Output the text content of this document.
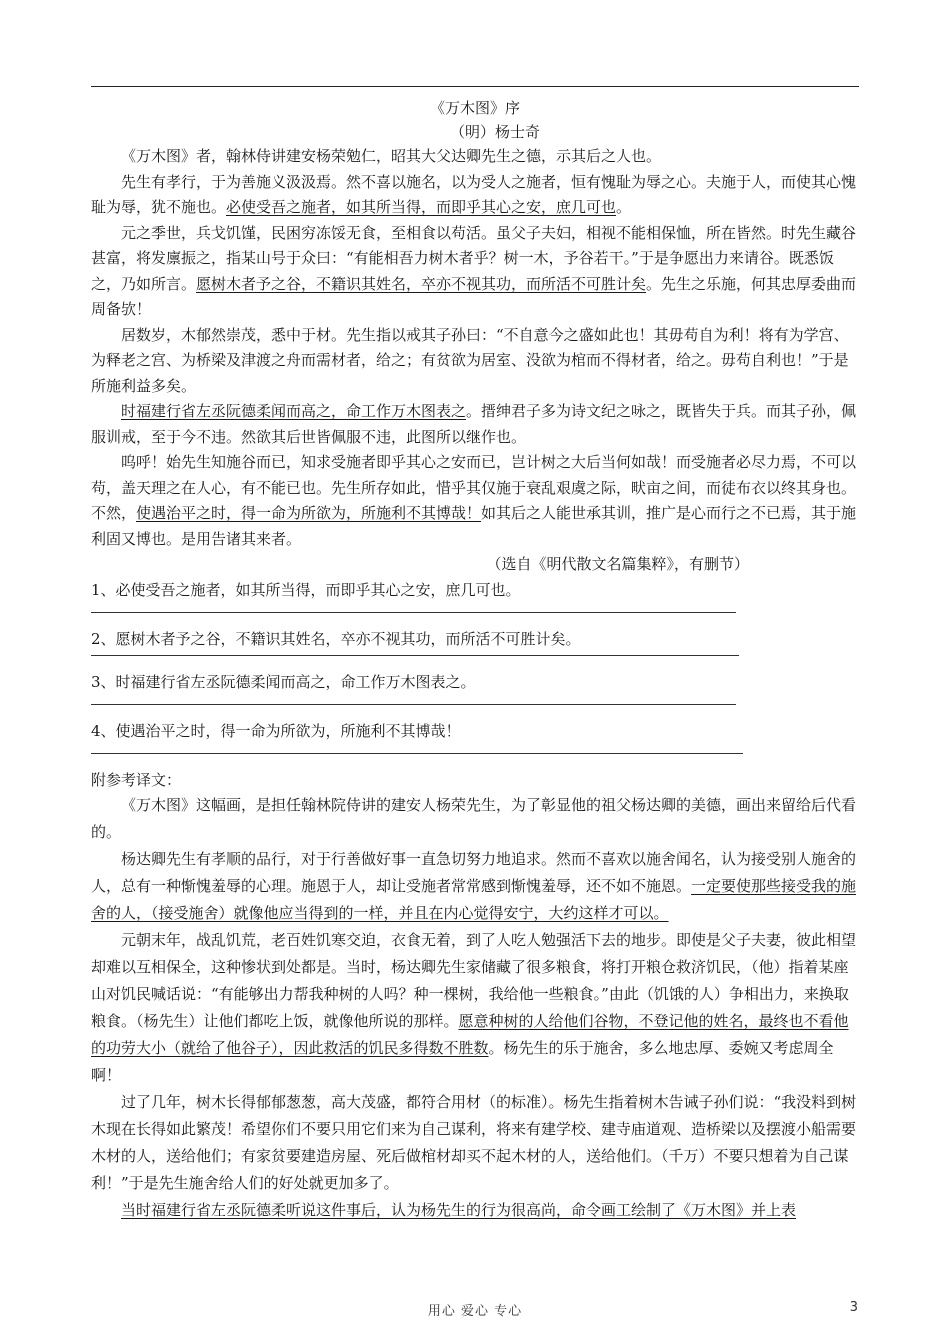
《万木图》序
（明）杨士奇

《万木图》者，翰林侍讲建安杨荣勉仁，昭其大父达卿先生之德，示其后之人也。

先生有孝行，于为善施义汲汲焉。然不喜以施名，以为受人之施者，恒有愧耻为辱之心。夫施于人，而使其心愧耻为辱，犹不施也。必使受吾之施者，如其所当得，而即乎其心之安，庶几可也。

元之季世，兵戈饥馑，民困穷冻馁无食，至相食以苟活。虽父子夫妇，相视不能相保恤，所在皆然。时先生藏谷甚富，将发廪振之，指某山号于众曰：“有能相吾力树木者乎？树一木，予谷若干。”于是争愿出力来请谷。既悉饭之，乃如所言。愿树木者予之谷，不籍识其姓名，卒亦不视其功，而所活不可胜计矣。先生之乐施，何其忠厚委曲而周备欤！

居数岁，木郁然崇茂，悉中于材。先生指以戒其子孙曰：“不自意今之盛如此也！其毋苟自为利！将有为学宫、为释老之宫、为桥梁及津渡之舟而需材者，给之；有贫欲为居室、没欲为棺而不得材者，给之。毋苟自利也！”于是所施利益多矣。

时福建行省左丞阮德柔闻而高之，命工作万木图表之。搢绅君子多为诗文纪之咏之，既皆失于兵。而其子孙，佩服训戒，至于今不违。然欲其后世皆佩服不违，此图所以继作也。

呜呼！始先生知施谷而已，知求受施者即乎其心之安而已，岂计树之大后当何如哉！而受施者必尽力焉，不可以苟，盖天理之在人心，有不能已也。先生所存如此，惜乎其仅施于衰乱艰虞之际，畎亩之间，而徒布衣以终其身也。不然，使遇治平之时，得一命为所欲为，所施利不其博哉！如其后之人能世承其训，推广是心而行之不已焉，其于施利固又博也。是用告诸其来者。

（选自《明代散文名篇集粹》，有删节）
1、必使受吾之施者，如其所当得，而即乎其心之安，庶几可也。
2、愿树木者予之谷，不籍识其姓名，卒亦不视其功，而所活不可胜计矣。
3、时福建行省左丞阮德柔闻而高之，命工作万木图表之。
4、使遇治平之时，得一命为所欲为，所施利不其博哉！
附参考译文：

《万木图》这幅画，是担任翰林院侍讲的建安人杨荣先生，为了彰显他的祖父杨达卿的美德，画出来留给后代看的。

杨达卿先生有孝顺的品行，对于行善做好事一直急切努力地追求。然而不喜欢以施舍闻名，认为接受别人施舍的人，总有一种惭愧羞辱的心理。施恩于人，却让受施者常常感到惭愧羞辱，还不如不施恩。一定要使那些接受我的施舍的人，（接受施舍）就像他应当得到的一样，并且在内心觉得安宁，大约这样才可以。

元朝末年，战乱饥荒，老百姓饥寒交迫，衣食无着，到了人吃人勉强活下去的地步。即使是父子夫妻，彼此相望却难以互相保全，这种惨状到处都是。当时，杨达卿先生家储藏了很多粮食，将打开粮仓救济饥民，（他）指着某座山对饥民喊话说：“有能够出力帮我种树的人吗？种一棵树，我给他一些粮食。”由此（饥饿的人）争相出力，来换取粮食。（杨先生）让他们都吃上饭，就像他所说的那样。愿意种树的人给他们谷物，不登记他的姓名，最终也不看他的功劳大小（就给了他谷子），因此救活的饥民多得数不胜数。杨先生的乐于施舍，多么地忠厚、委婉又考虑周全啊！

过了几年，树木长得郁郁葱葱，高大茂盛，都符合用材（的标准）。杨先生指着树木告诫子孙们说：“我没料到树木现在长得如此繁茂！希望你们不要只用它们来为自己谋利，将来有建学校、建寺庙道观、造桥梁以及摆渡小船需要木材的人，送给他们；有家贫要建造房屋、死后做棺材却买不起木材的人，送给他们。（千万）不要只想着为自己谋利！”于是先生施舍给人们的好处就更加多了。

当时福建行省左丞阮德柔听说这件事后，认为杨先生的行为很高尚，命令画工绘制了《万木图》并上表

用心 爱心 专心	3
